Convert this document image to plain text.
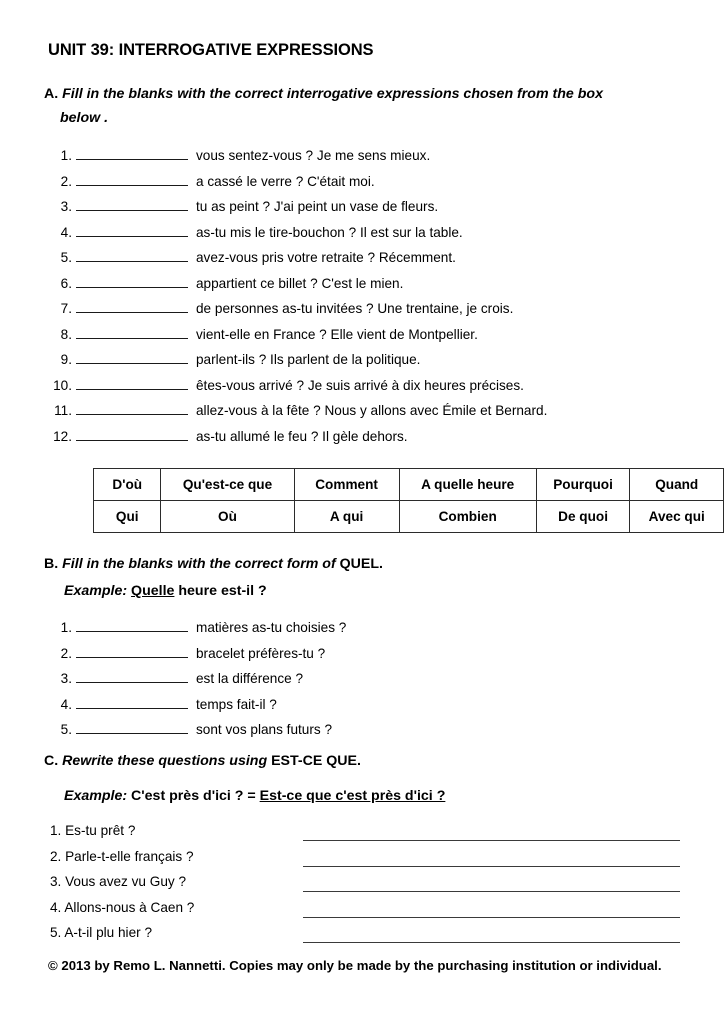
UNIT 39: INTERROGATIVE EXPRESSIONS
A. Fill in the blanks with the correct interrogative expressions chosen from the box
below .
1.	vous sentez-vous ? Je me sens mieux.
2.	a cassé le verre ? C'était moi.
3.	tu as peint ? J'ai peint un vase de fleurs.
4.	as-tu mis le tire-bouchon ? Il est sur la table.
5.	avez-vous pris votre retraite ? Récemment.
6.	appartient ce billet ? C'est le mien.
7.	de personnes as-tu invitées ? Une trentaine, je crois.
8.	vient-elle en France ? Elle vient de Montpellier.
9.	parlent-ils ? Ils parlent de la politique.
10.	êtes-vous arrivé ? Je suis arrivé à dix heures précises.
11.	allez-vous à la fête ? Nous y allons avec Émile et Bernard.
12.	as-tu allumé le feu ? Il gèle dehors.
D'où	Qu'est-ce que	Comment	A quelle heure	Pourquoi	Quand
Qui	Où	A qui	Combien	De quoi	Avec qui
B. Fill in the blanks with the correct form of QUEL.
Example: Quelle heure est-il ?
1.	matières as-tu choisies ?
2.	bracelet préfères-tu ?
3.	est la différence ?
4.	temps fait-il ?
5.	sont vos plans futurs ?
C. Rewrite these questions using EST-CE QUE.
Example: C'est près d'ici ? = Est-ce que c'est près d'ici ?
1. Es-tu prêt ?
2. Parle-t-elle français ?
3. Vous avez vu Guy ?
4. Allons-nous à Caen ?
5. A-t-il plu hier ?
© 2013 by Remo L. Nannetti. Copies may only be made by the purchasing institution or individual.
